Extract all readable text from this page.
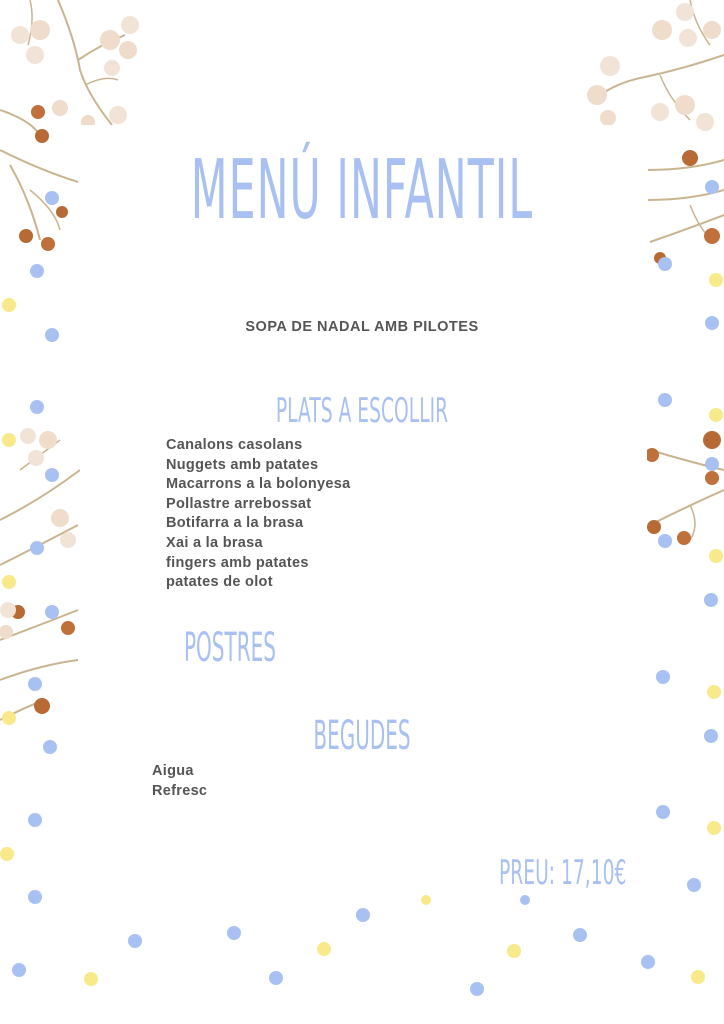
MENÚ INFANTIL
SOPA DE NADAL AMB PILOTES
PLATS A ESCOLLIR
Canalons casolans
Nuggets amb patates
Macarrons a la bolonyesa
Pollastre arrebossat
Botifarra a la brasa
Xai a la brasa
fingers amb patates
patates de olot
POSTRES
BEGUDES
Aigua
Refresc
PREU: 17,10€
